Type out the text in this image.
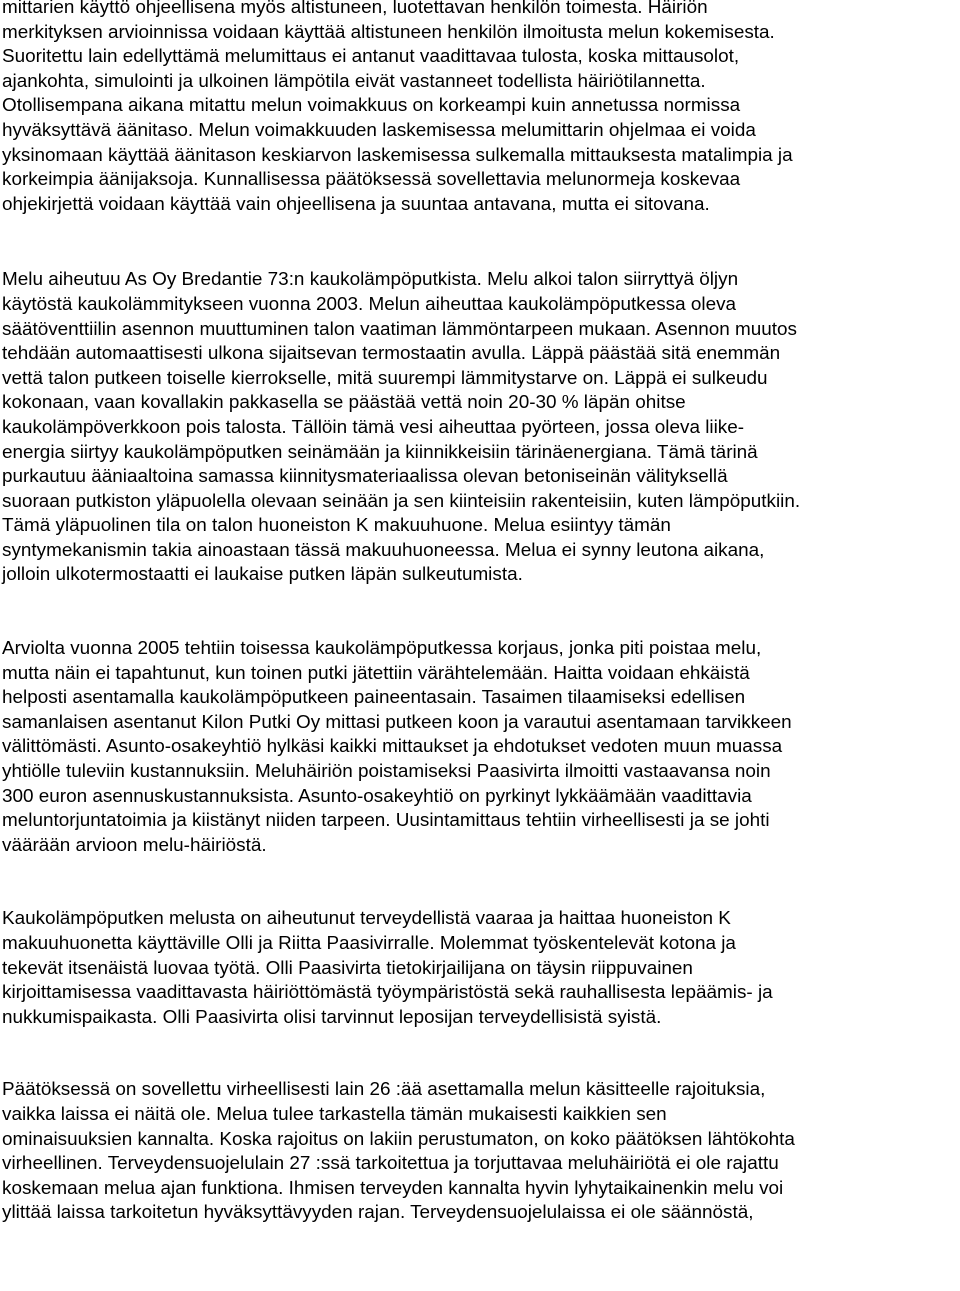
mittarien käyttö ohjeellisena myös altistuneen, luotettavan henkilön toimesta. Häiriön
merkityksen arvioinnissa voidaan käyttää altistuneen henkilön ilmoitusta melun kokemisesta.
Suoritettu lain edellyttämä melumittaus ei antanut vaadittavaa tulosta, koska mittausolot,
ajankohta, simulointi ja ulkoinen lämpötila eivät vastanneet todellista häiriötilannetta.
Otollisempana aikana mitattu melun voimakkuus on korkeampi kuin annetussa normissa
hyväksyttävä äänitaso. Melun voimakkuuden laskemisessa melumittarin ohjelmaa ei voida
yksinomaan käyttää äänitason keskiarvon laskemisessa sulkemalla mittauksesta matalimpia ja
korkeimpia äänijaksoja. Kunnallisessa päätöksessä sovellettavia melunormeja koskevaa
ohjekirjettä voidaan käyttää vain ohjeellisena ja suuntaa antavana, mutta ei sitovana.
Melu aiheutuu As Oy Bredantie 73:n kaukolämpöputkista. Melu alkoi talon siirryttyä öljyn
käytöstä kaukolämmitykseen vuonna 2003. Melun aiheuttaa kaukolämpöputkessa oleva
säätöventtiilin asennon muuttuminen talon vaatiman lämmöntarpeen mukaan. Asennon muutos
tehdään automaattisesti ulkona sijaitsevan termostaatin avulla. Läppä päästää sitä enemmän
vettä talon putkeen toiselle kierrokselle, mitä suurempi lämmitystarve on. Läppä ei sulkeudu
kokonaan, vaan kovallakin pakkasella se päästää vettä noin 20-30 % läpän ohitse
kaukolämpöverkkoon pois talosta. Tällöin tämä vesi aiheuttaa pyörteen, jossa oleva liike-
energia siirtyy kaukolämpöputken seinämään ja kiinnikkeisiin tärinäenergiana. Tämä tärinä
purkautuu ääniaaltoina samassa kiinnitysmateriaalissa olevan betoniseinän välityksellä
suoraan putkiston yläpuolella olevaan seinään ja sen kiinteisiin rakenteisiin, kuten lämpöputkiin.
Tämä yläpuolinen tila on talon huoneiston K makuuhuone. Melua esiintyy tämän
syntymekanismin takia ainoastaan tässä makuuhuoneessa. Melua ei synny leutona aikana,
jolloin ulkotermostaatti ei laukaise putken läpän sulkeutumista.
Arviolta vuonna 2005 tehtiin toisessa kaukolämpöputkessa korjaus, jonka piti poistaa melu,
mutta näin ei tapahtunut, kun toinen putki jätettiin värähtelemään. Haitta voidaan ehkäistä
helposti asentamalla kaukolämpöputkeen paineentasain. Tasaimen tilaamiseksi edellisen
samanlaisen asentanut Kilon Putki Oy mittasi putkeen koon ja varautui asentamaan tarvikkeen
välittömästi. Asunto-osakeyhtiö hylkäsi kaikki mittaukset ja ehdotukset vedoten muun muassa
yhtiölle tuleviin kustannuksiin. Meluhäiriön poistamiseksi Paasivirta ilmoitti vastaavansa noin
300 euron asennuskustannuksista. Asunto-osakeyhtiö on pyrkinyt lykkäämään vaadittavia
meluntorjuntatoimia ja kiistänyt niiden tarpeen. Uusintamittaus tehtiin virheellisesti ja se johti
väärään arvioon melu-häiriöstä.
Kaukolämpöputken melusta on aiheutunut terveydellistä vaaraa ja haittaa huoneiston K
makuuhuonetta käyttäville Olli ja Riitta Paasivirralle. Molemmat työskentelevät kotona ja
tekevät itsenäistä luovaa työtä. Olli Paasivirta tietokirjailijana on täysin riippuvainen
kirjoittamisessa vaadittavasta häiriöttömästä työympäristöstä sekä rauhallisesta lepäämis- ja
nukkumispaikasta. Olli Paasivirta olisi tarvinnut leposijan terveydellisistä syistä.
Päätöksessä on sovellettu virheellisesti lain 26 :ää asettamalla melun käsitteelle rajoituksia,
vaikka laissa ei näitä ole. Melua tulee tarkastella tämän mukaisesti kaikkien sen
ominaisuuksien kannalta. Koska rajoitus on lakiin perustumaton, on koko päätöksen lähtökohta
virheellinen. Terveydensuojelulain 27 :ssä tarkoitettua ja torjuttavaa meluhäiriötä ei ole rajattu
koskemaan melua ajan funktiona. Ihmisen terveyden kannalta hyvin lyhytaikainenkin melu voi
ylittää laissa tarkoitetun hyväksyttävyyden rajan. Terveydensuojelulaissa ei ole säännöstä,
